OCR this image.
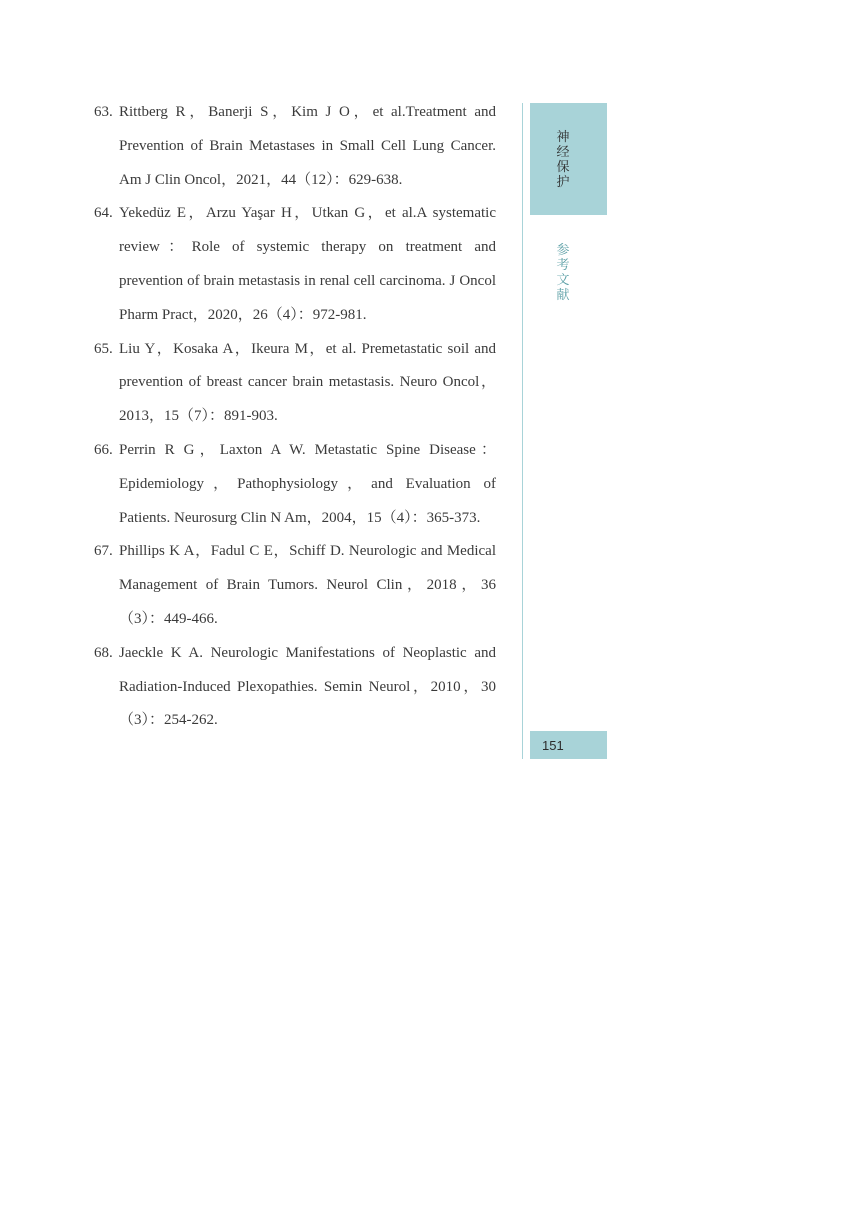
63. Rittberg R，Banerji S，Kim J O，et al.Treatment and Prevention of Brain Metastases in Small Cell Lung Cancer. Am J Clin Oncol，2021，44（12）：629-638.
64. Yekedüz E，Arzu Yaşar H，Utkan G，et al.A systematic review：Role of systemic therapy on treatment and prevention of brain metastasis in renal cell carcinoma. J Oncol Pharm Pract，2020，26（4）：972-981.
65. Liu Y，Kosaka A，Ikeura M，et al. Premetastatic soil and prevention of breast cancer brain metastasis. Neuro Oncol，2013，15（7）：891-903.
66. Perrin R G，Laxton A W. Metastatic Spine Disease：Epidemiology，Pathophysiology，and Evaluation of Patients. Neurosurg Clin N Am，2004，15（4）：365-373.
67. Phillips K A，Fadul C E，Schiff D. Neurologic and Medical Management of Brain Tumors. Neurol Clin，2018，36（3）：449-466.
68. Jaeckle K A. Neurologic Manifestations of Neoplastic and Radiation-Induced Plexopathies. Semin Neurol，2010，30（3）：254-262.
神经保护
参考文献
151
